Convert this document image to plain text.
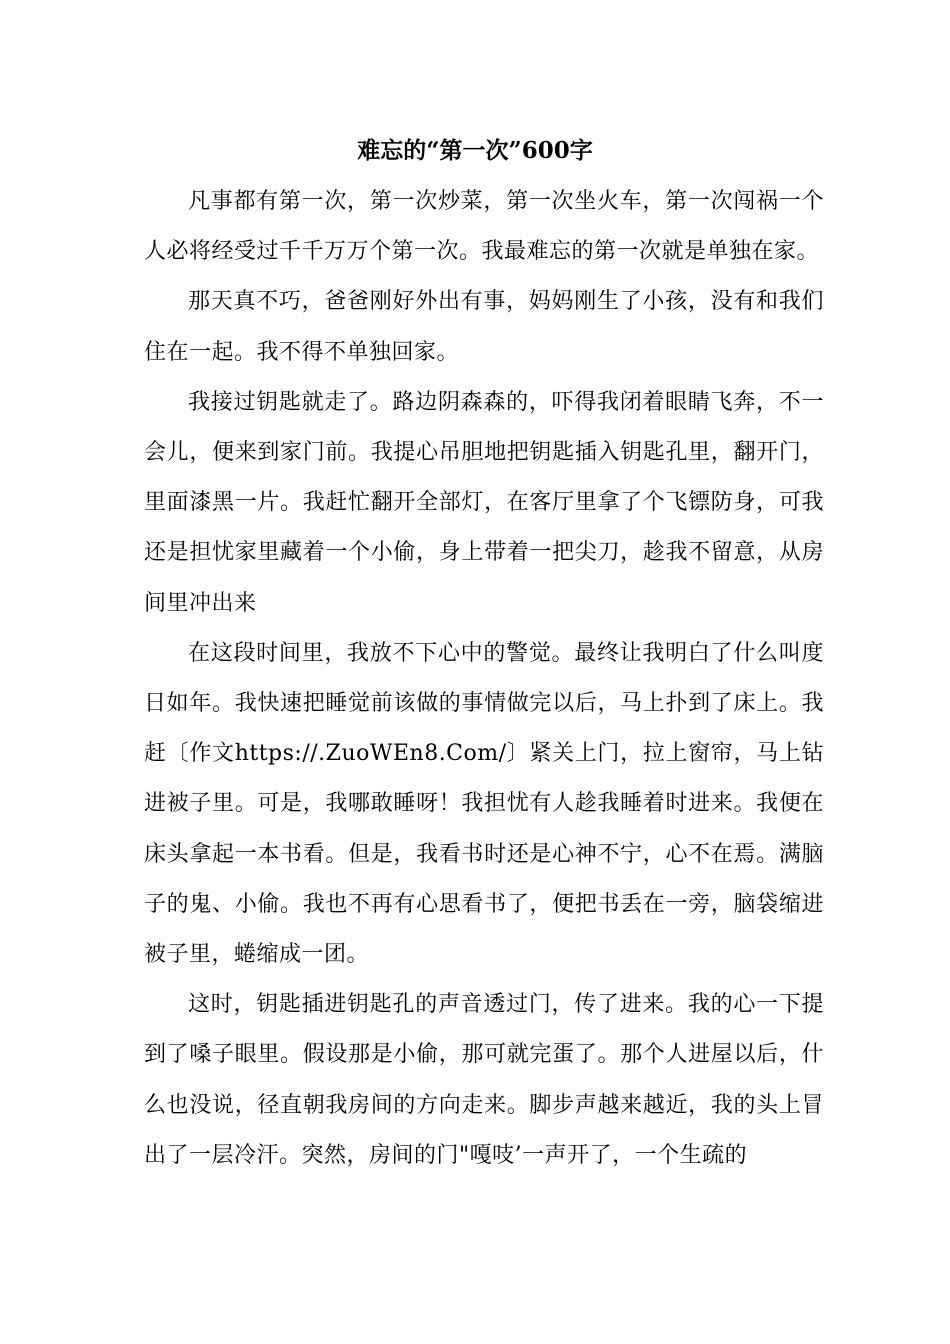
难忘的“第一次”600字

凡事都有第一次，第一次炒菜，第一次坐火车，第一次闯祸一个人必将经受过千千万万个第一次。我最难忘的第一次就是单独在家。

那天真不巧，爸爸刚好外出有事，妈妈刚生了小孩，没有和我们住在一起。我不得不单独回家。

我接过钥匙就走了。路边阴森森的，吓得我闭着眼睛飞奔，不一会儿，便来到家门前。我提心吊胆地把钥匙插入钥匙孔里，翻开门，里面漆黑一片。我赶忙翻开全部灯，在客厅里拿了个飞镖防身，可我还是担忧家里藏着一个小偷，身上带着一把尖刀，趁我不留意，从房间里冲出来

在这段时间里，我放不下心中的警觉。最终让我明白了什么叫度日如年。我快速把睡觉前该做的事情做完以后，马上扑到了床上。我赶〔作文https://.ZuoWEn8.Com/〕紧关上门，拉上窗帘，马上钻进被子里。可是，我哪敢睡呀！我担忧有人趁我睡着时进来。我便在床头拿起一本书看。但是，我看书时还是心神不宁，心不在焉。满脑子的鬼、小偷。我也不再有心思看书了，便把书丢在一旁，脑袋缩进被子里，蜷缩成一团。

这时，钥匙插进钥匙孔的声音透过门，传了进来。我的心一下提到了嗓子眼里。假设那是小偷，那可就完蛋了。那个人进屋以后，什么也没说，径直朝我房间的方向走来。脚步声越来越近，我的头上冒出了一层冷汗。突然，房间的门"嘎吱’一声开了，一个生疏的
